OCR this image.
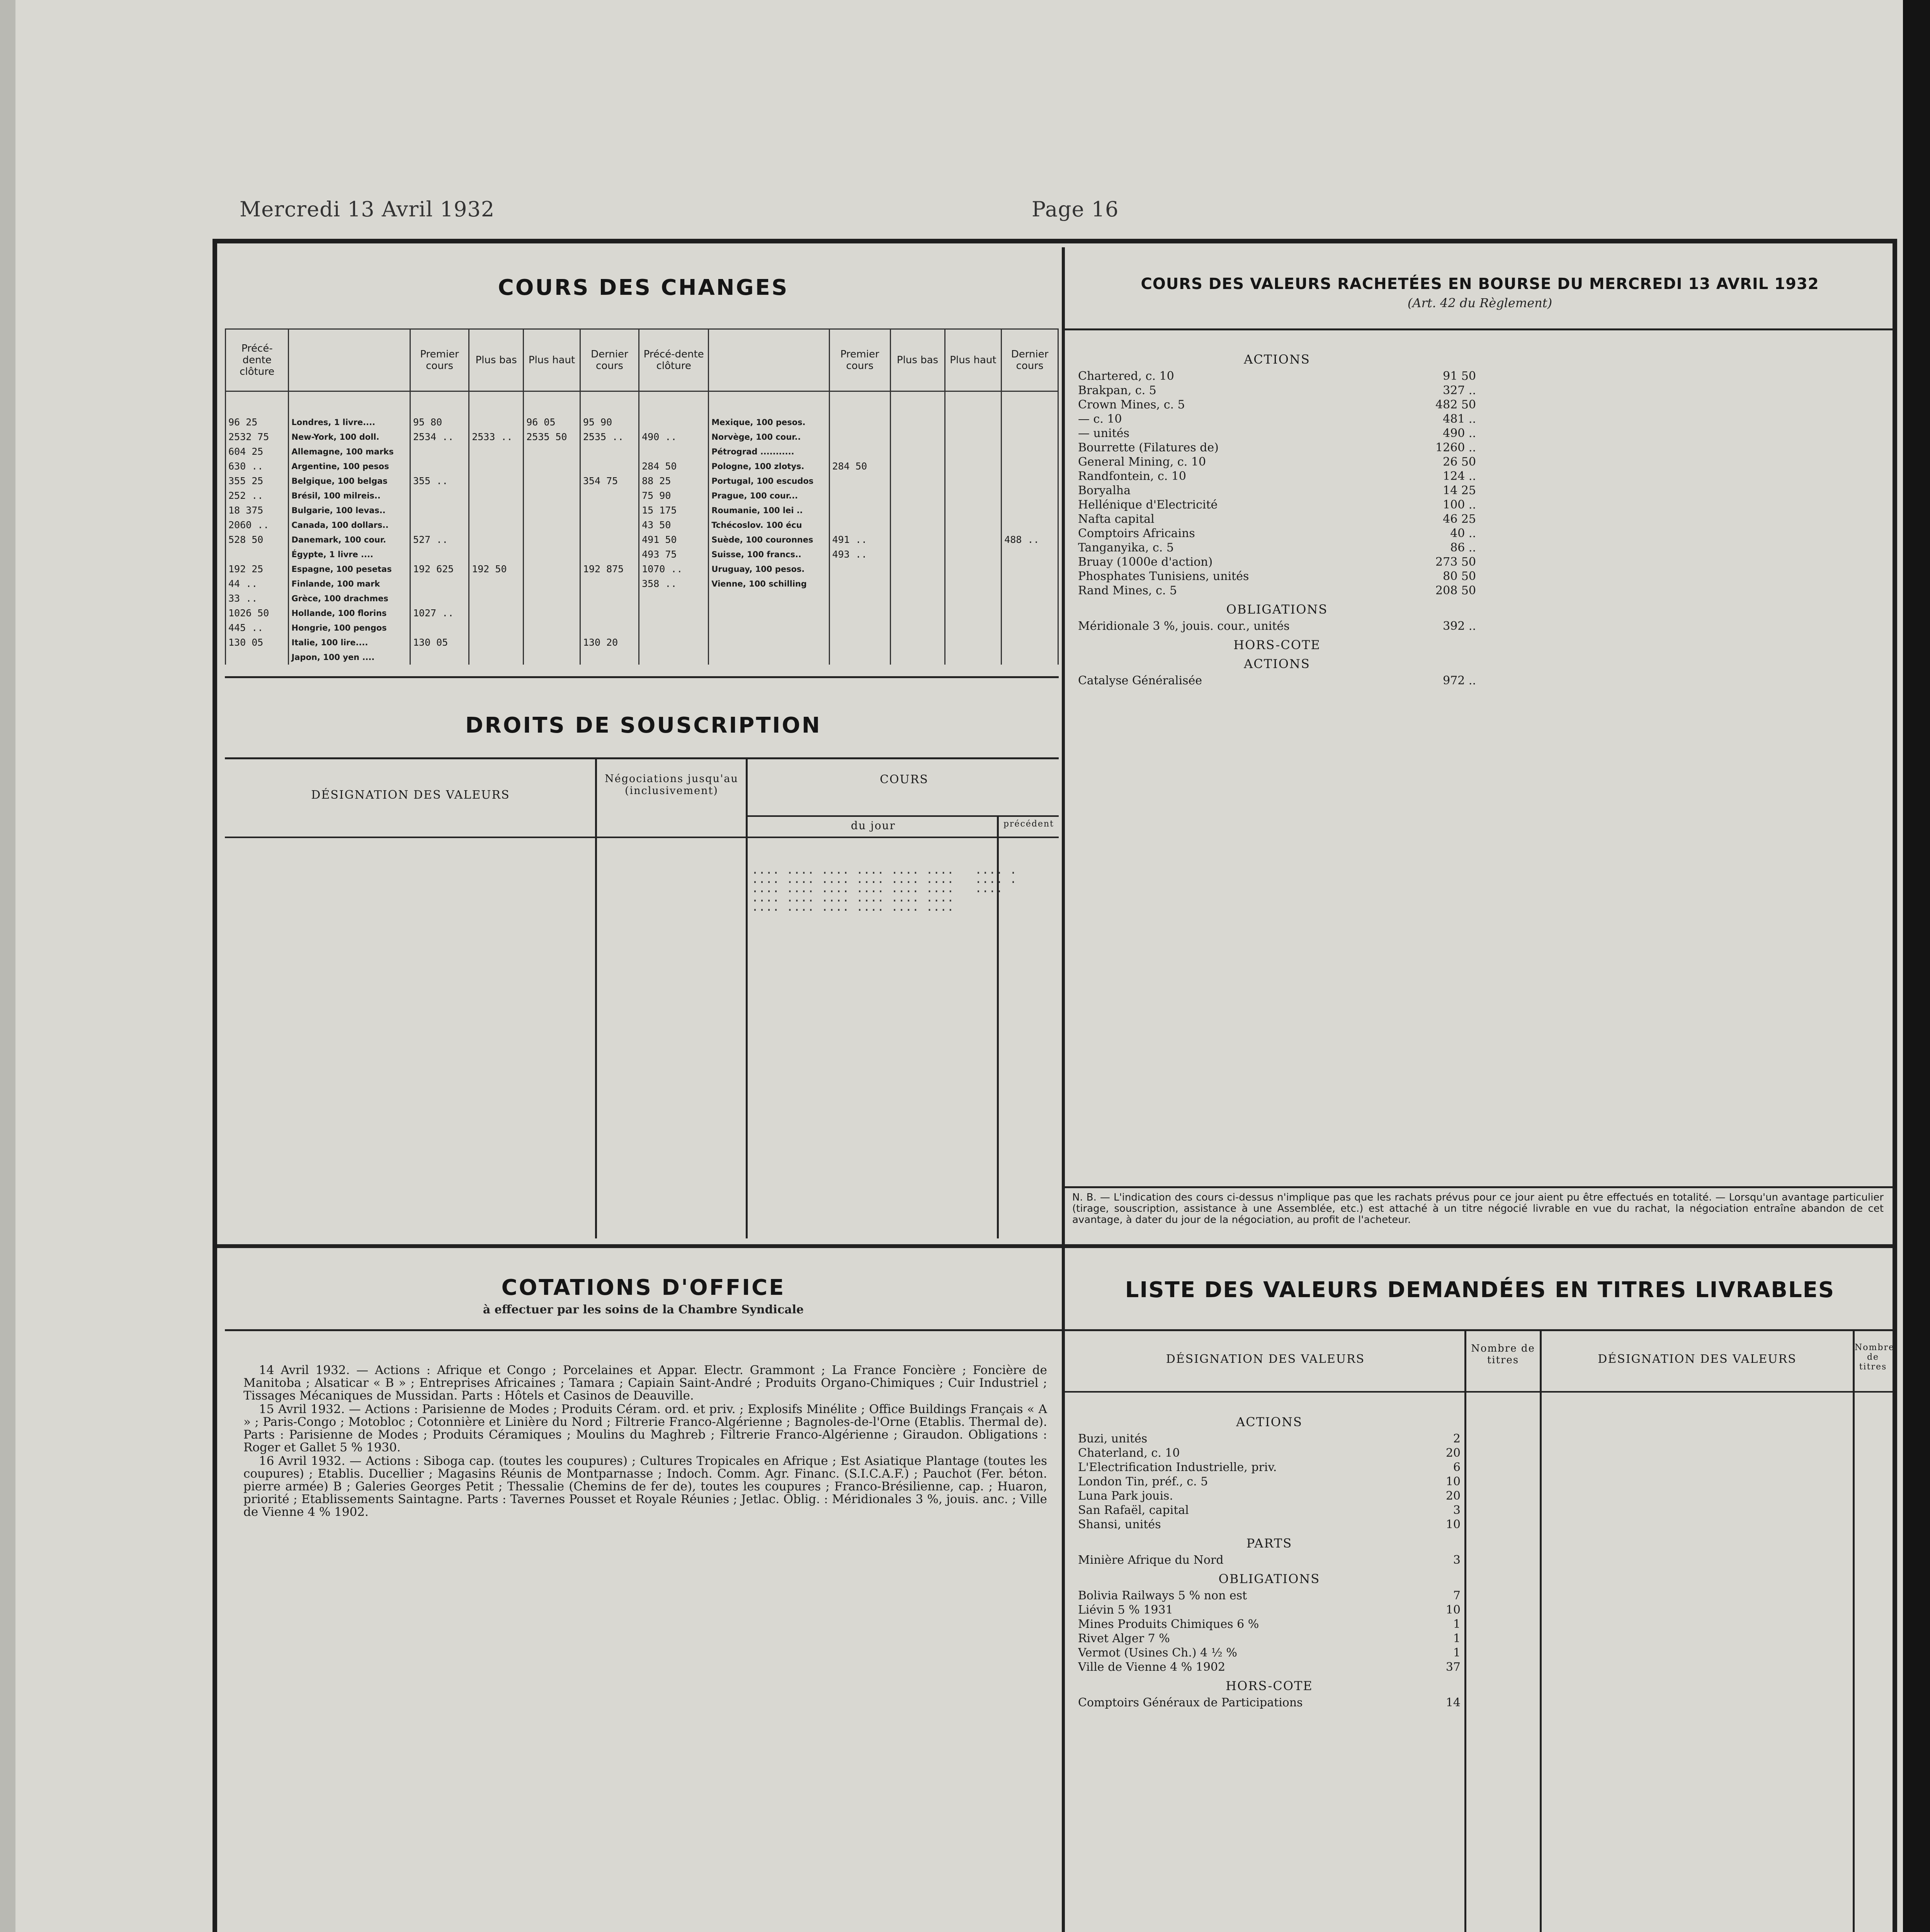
Mercredi 13 Avril 1932	Page 16
COURS DES CHANGES
Précé-dente clôture		Premier cours	Plus bas	Plus haut	Dernier cours	Précé-dente clôture		Premier cours	Plus bas	Plus haut	Dernier cours
96 25	Londres, 1 livre....	95 80		96 05	95 90		Mexique, 100 pesos.				
2532 75	New-York, 100 doll.	2534 ..	2533 ..	2535 50	2535 ..	490 ..	Norvège, 100 cour..				
604 25	Allemagne, 100 marks						Pétrograd ...........				
630 ..	Argentine, 100 pesos					284 50	Pologne, 100 zlotys.	284 50			
355 25	Belgique, 100 belgas	355 ..			354 75	88 25	Portugal, 100 escudos				
252 ..	Brésil, 100 milreis..					75 90	Prague, 100 cour...				
18 375	Bulgarie, 100 levas..					15 175	Roumanie, 100 lei ..				
2060 ..	Canada, 100 dollars..					43 50	Tchécoslov. 100 écu				
528 50	Danemark, 100 cour.	527 ..				491 50	Suède, 100 couronnes	491 ..			488 ..
	Égypte, 1 livre ....					493 75	Suisse, 100 francs..	493 ..			
192 25	Espagne, 100 pesetas	192 625	192 50		192 875	1070 ..	Uruguay, 100 pesos.				
44 ..	Finlande, 100 mark					358 ..	Vienne, 100 schilling				
33 ..	Grèce, 100 drachmes										
1026 50	Hollande, 100 florins	1027 ..									
445 ..	Hongrie, 100 pengos										
130 05	Italie, 100 lire....	130 05			130 20						
	Japon, 100 yen ....										
DROITS DE SOUSCRIPTION
DÉSIGNATION DES VALEURS
Négociations jusqu'au (inclusivement)
COURS
du jour	précédent
.... .... .... .... .... ....   .... .
.... .... .... .... .... ....   .... .
.... .... .... .... .... ....   ....
.... .... .... .... .... ....
.... .... .... .... .... ....
COURS DES VALEURS RACHETÉES EN BOURSE DU MERCREDI 13 AVRIL 1932
(Art. 42 du Règlement)
ACTIONS
Chartered, c. 10	91 50
Brakpan, c. 5	327 ..
Crown Mines, c. 5	482 50
— c. 10	481 ..
— unités	490 ..
Bourrette (Filatures de)	1260 ..
General Mining, c. 10	26 50
Randfontein, c. 10	124 ..
Boryalha	14 25
Hellénique d'Electricité	100 ..
Nafta capital	46 25
Comptoirs Africains	40 ..
Tanganyika, c. 5	86 ..
Bruay (1000e d'action)	273 50
Phosphates Tunisiens, unités	80 50
Rand Mines, c. 5	208 50
OBLIGATIONS
Méridionale 3 %, jouis. cour., unités	392 ..
HORS-COTE
ACTIONS
Catalyse Généralisée	972 ..
N. B. — L'indication des cours ci-dessus n'implique pas que les rachats prévus pour ce jour aient pu être effectués en totalité. — Lorsqu'un avantage particulier (tirage, souscription, assistance à une Assemblée, etc.) est attaché à un titre négocié livrable en vue du rachat, la négociation entraîne abandon de cet avantage, à dater du jour de la négociation, au profit de l'acheteur.
COTATIONS D'OFFICE
à effectuer par les soins de la Chambre Syndicale

14 Avril 1932. — Actions : Afrique et Congo ; Porcelaines et Appar. Electr. Grammont ; La France Foncière ; Foncière de Manitoba ; Alsaticar « B » ; Entreprises Africaines ; Tamara ; Capiain Saint-André ; Produits Organo-Chimiques ; Cuir Industriel ; Tissages Mécaniques de Mussidan. Parts : Hôtels et Casinos de Deauville.

15 Avril 1932. — Actions : Parisienne de Modes ; Produits Céram. ord. et priv. ; Explosifs Minélite ; Office Buildings Français « A » ; Paris-Congo ; Motobloc ; Cotonnière et Linière du Nord ; Filtrerie Franco-Algérienne ; Bagnoles-de-l'Orne (Etablis. Thermal de). Parts : Parisienne de Modes ; Produits Céramiques ; Moulins du Maghreb ; Filtrerie Franco-Algérienne ; Giraudon. Obligations : Roger et Gallet 5 % 1930.

16 Avril 1932. — Actions : Siboga cap. (toutes les coupures) ; Cultures Tropicales en Afrique ; Est Asiatique Plantage (toutes les coupures) ; Etablis. Ducellier ; Magasins Réunis de Montparnasse ; Indoch. Comm. Agr. Financ. (S.I.C.A.F.) ; Pauchot (Fer. béton. pierre armée) B ; Galeries Georges Petit ; Thessalie (Chemins de fer de), toutes les coupures ; Franco-Brésilienne, cap. ; Huaron, priorité ; Etablissements Saintagne. Parts : Tavernes Pousset et Royale Réunies ; Jetlac. Oblig. : Méridionales 3 %, jouis. anc. ; Ville de Vienne 4 % 1902.

LISTE DES VALEURS DEMANDÉES EN TITRES LIVRABLES
DÉSIGNATION DES VALEURS
Nombre de titres	DÉSIGNATION DES VALEURS
Nombre de titres
ACTIONS
Buzi, unités	2
Chaterland, c. 10	20
L'Electrification Industrielle, priv.	6
London Tin, préf., c. 5	10
Luna Park jouis.	20
San Rafaël, capital	3
Shansi, unités	10
PARTS
Minière Afrique du Nord	3
OBLIGATIONS
Bolivia Railways 5 % non est	7
Liévin 5 % 1931	10
Mines Produits Chimiques 6 %	1
Rivet Alger 7 %	1
Vermot (Usines Ch.) 4 ½ %	1
Ville de Vienne 4 % 1902	37
HORS-COTE
Comptoirs Généraux de Participations	14
